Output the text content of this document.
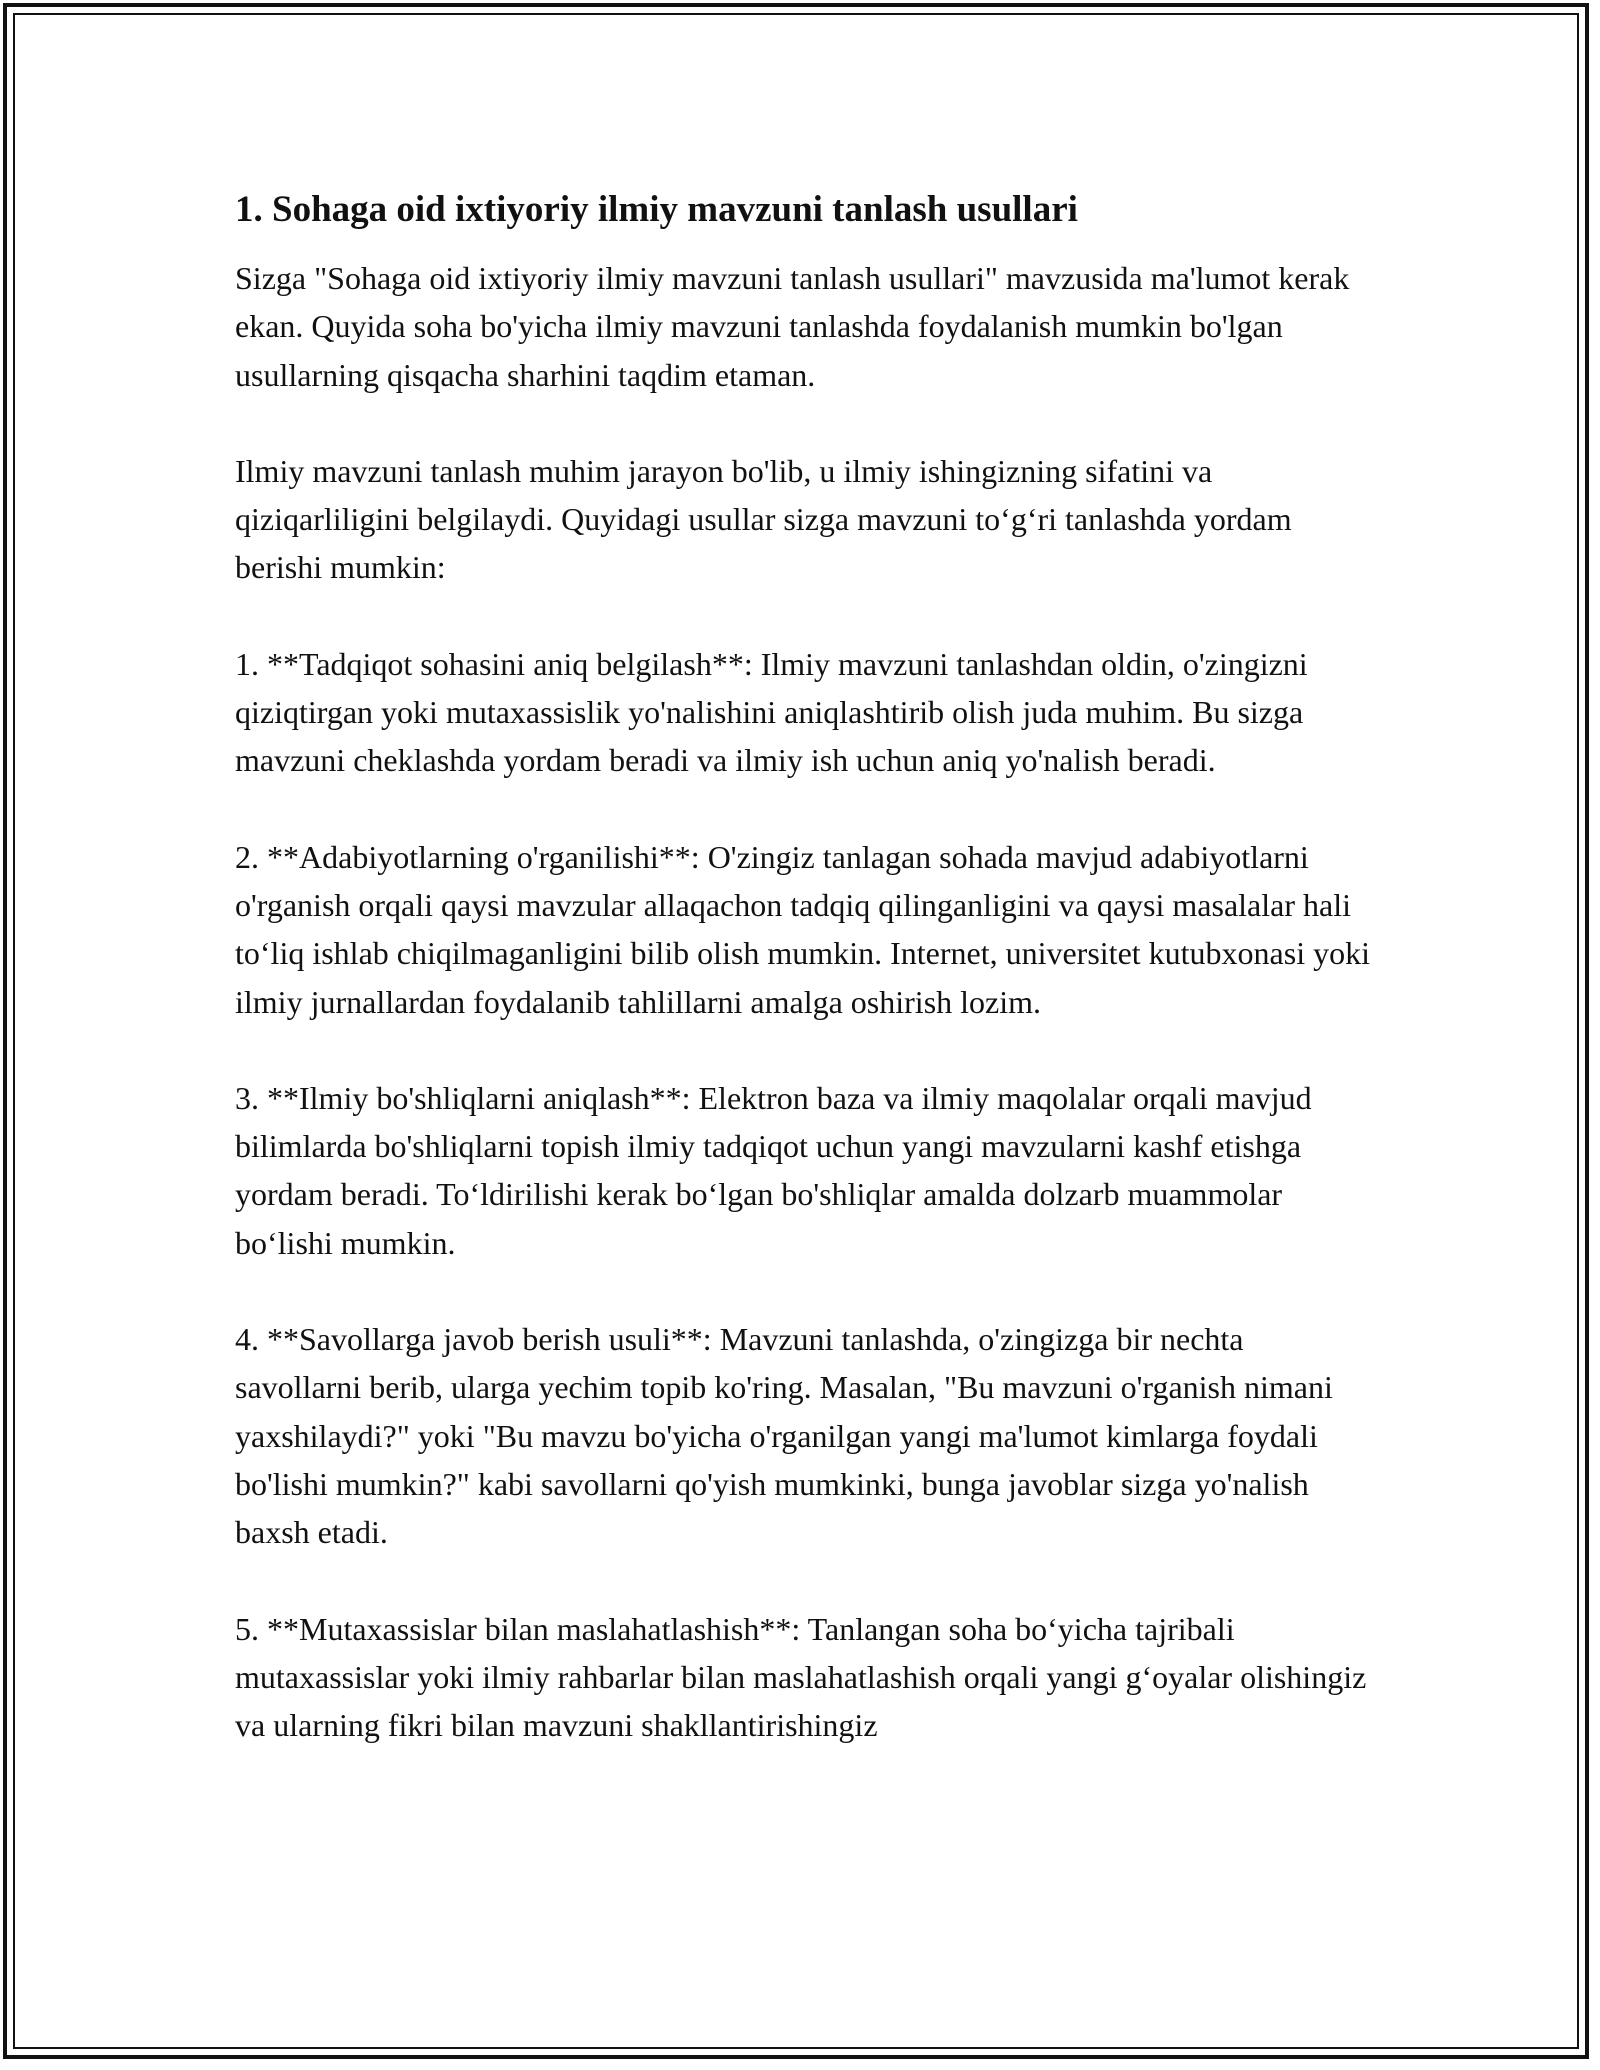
1. Sohaga oid ixtiyoriy ilmiy mavzuni tanlash usullari

Sizga "Sohaga oid ixtiyoriy ilmiy mavzuni tanlash usullari" mavzusida ma'lumot kerak ekan. Quyida soha bo'yicha ilmiy mavzuni tanlashda foydalanish mumkin bo'lgan usullarning qisqacha sharhini taqdim etaman.

Ilmiy mavzuni tanlash muhim jarayon bo'lib, u ilmiy ishingizning sifatini va qiziqarliligini belgilaydi. Quyidagi usullar sizga mavzuni to‘g‘ri tanlashda yordam berishi mumkin:

1. **Tadqiqot sohasini aniq belgilash**: Ilmiy mavzuni tanlashdan oldin, o'zingizni qiziqtirgan yoki mutaxassislik yo'nalishini aniqlashtirib olish juda muhim. Bu sizga mavzuni cheklashda yordam beradi va ilmiy ish uchun aniq yo'nalish beradi.

2. **Adabiyotlarning o'rganilishi**: O'zingiz tanlagan sohada mavjud adabiyotlarni o'rganish orqali qaysi mavzular allaqachon tadqiq qilinganligini va qaysi masalalar hali to‘liq ishlab chiqilmaganligini bilib olish mumkin. Internet, universitet kutubxonasi yoki ilmiy jurnallardan foydalanib tahlillarni amalga oshirish lozim.

3. **Ilmiy bo'shliqlarni aniqlash**: Elektron baza va ilmiy maqolalar orqali mavjud bilimlarda bo'shliqlarni topish ilmiy tadqiqot uchun yangi mavzularni kashf etishga yordam beradi. To‘ldirilishi kerak bo‘lgan bo'shliqlar amalda dolzarb muammolar bo‘lishi mumkin.

4. **Savollarga javob berish usuli**: Mavzuni tanlashda, o'zingizga bir nechta savollarni berib, ularga yechim topib ko'ring. Masalan, "Bu mavzuni o'rganish nimani yaxshilaydi?" yoki "Bu mavzu bo'yicha o'rganilgan yangi ma'lumot kimlarga foydali bo'lishi mumkin?" kabi savollarni qo'yish mumkinki, bunga javoblar sizga yo'nalish baxsh etadi.

5. **Mutaxassislar bilan maslahatlashish**: Tanlangan soha bo‘yicha tajribali mutaxassislar yoki ilmiy rahbarlar bilan maslahatlashish orqali yangi g‘oyalar olishingiz va ularning fikri bilan mavzuni shakllantirishingiz
